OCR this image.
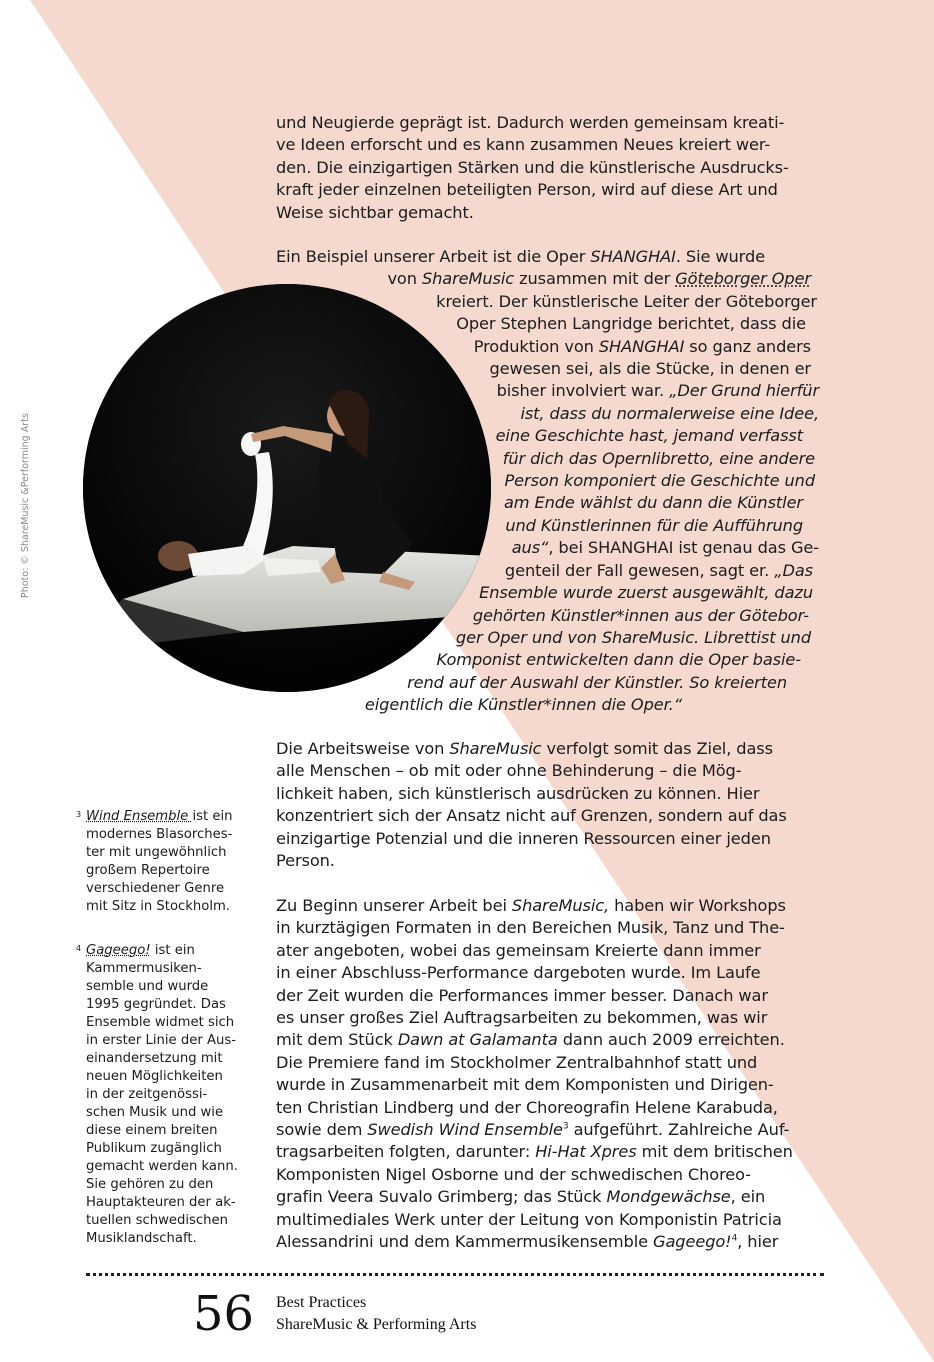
und Neugierde geprägt ist. Dadurch werden gemeinsam kreati-
ve Ideen erforscht und es kann zusammen Neues kreiert wer-
den. Die einzigartigen Stärken und die künstlerische Ausdrucks-
kraft jeder einzelnen beteiligten Person, wird auf diese Art und
Weise sichtbar gemacht.
Photo: © ShareMusic &Performing Arts
Ein Beispiel unserer Arbeit ist die Oper SHANGHAI. Sie wurde
von ShareMusic zusammen mit der Göteborger Oper
kreiert. Der künstlerische Leiter der Göteborger
Oper Stephen Langridge berichtet, dass die
Produktion von SHANGHAI so ganz anders
gewesen sei, als die Stücke, in denen er
bisher involviert war. „Der Grund hierfür
ist, dass du normalerweise eine Idee,
eine Geschichte hast, jemand verfasst
für dich das Opernlibretto, eine andere
Person komponiert die Geschichte und
am Ende wählst du dann die Künstler
und Künstlerinnen für die Aufführung
aus“, bei SHANGHAI ist genau das Ge-
genteil der Fall gewesen, sagt er. „Das
Ensemble wurde zuerst ausgewählt, dazu
gehörten Künstler*innen aus der Götebor-
ger Oper und von ShareMusic. Librettist und
Komponist entwickelten dann die Oper basie-
rend auf der Auswahl der Künstler. So kreierten
eigentlich die Künstler*innen die Oper.“
Die Arbeitsweise von ShareMusic verfolgt somit das Ziel, dass
alle Menschen – ob mit oder ohne Behinderung – die Mög-
lichkeit haben, sich künstlerisch ausdrücken zu können. Hier
konzentriert sich der Ansatz nicht auf Grenzen, sondern auf das
einzigartige Potenzial und die inneren Ressourcen einer jeden
Person.
Zu Beginn unserer Arbeit bei ShareMusic, haben wir Workshops
in kurztägigen Formaten in den Bereichen Musik, Tanz und The-
ater angeboten, wobei das gemeinsam Kreierte dann immer
in einer Abschluss-Performance dargeboten wurde. Im Laufe
der Zeit wurden die Performances immer besser. Danach war
es unser großes Ziel Auftragsarbeiten zu bekommen, was wir
mit dem Stück Dawn at Galamanta dann auch 2009 erreichten.
Die Premiere fand im Stockholmer Zentralbahnhof statt und
wurde in Zusammenarbeit mit dem Komponisten und Dirigen-
ten Christian Lindberg und der Choreografin Helene Karabuda,
sowie dem Swedish Wind Ensemble$^3$ aufgeführt. Zahlreiche Auf-
tragsarbeiten folgten, darunter: Hi-Hat Xpres mit dem britischen
Komponisten Nigel Osborne und der schwedischen Choreo-
grafin Veera Suvalo Grimberg; das Stück Mondgewächse, ein
multimediales Werk unter der Leitung von Komponistin Patricia
Alessandrini und dem Kammermusikensemble Gageego!$^4$, hier
3 Wind Ensemble ist ein
modernes Blasorches-
ter mit ungewöhnlich
großem Repertoire
verschiedener Genre
mit Sitz in Stockholm.
4 Gageego! ist ein
Kammermusiken-
semble und wurde
1995 gegründet. Das
Ensemble widmet sich
in erster Linie der Aus-
einandersetzung mit
neuen Möglichkeiten
in der zeitgenössi-
schen Musik und wie
diese einem breiten
Publikum zugänglich
gemacht werden kann.
Sie gehören zu den
Hauptakteuren der ak-
tuellen schwedischen
Musiklandschaft.
56 Best Practices
ShareMusic & Performing Arts
